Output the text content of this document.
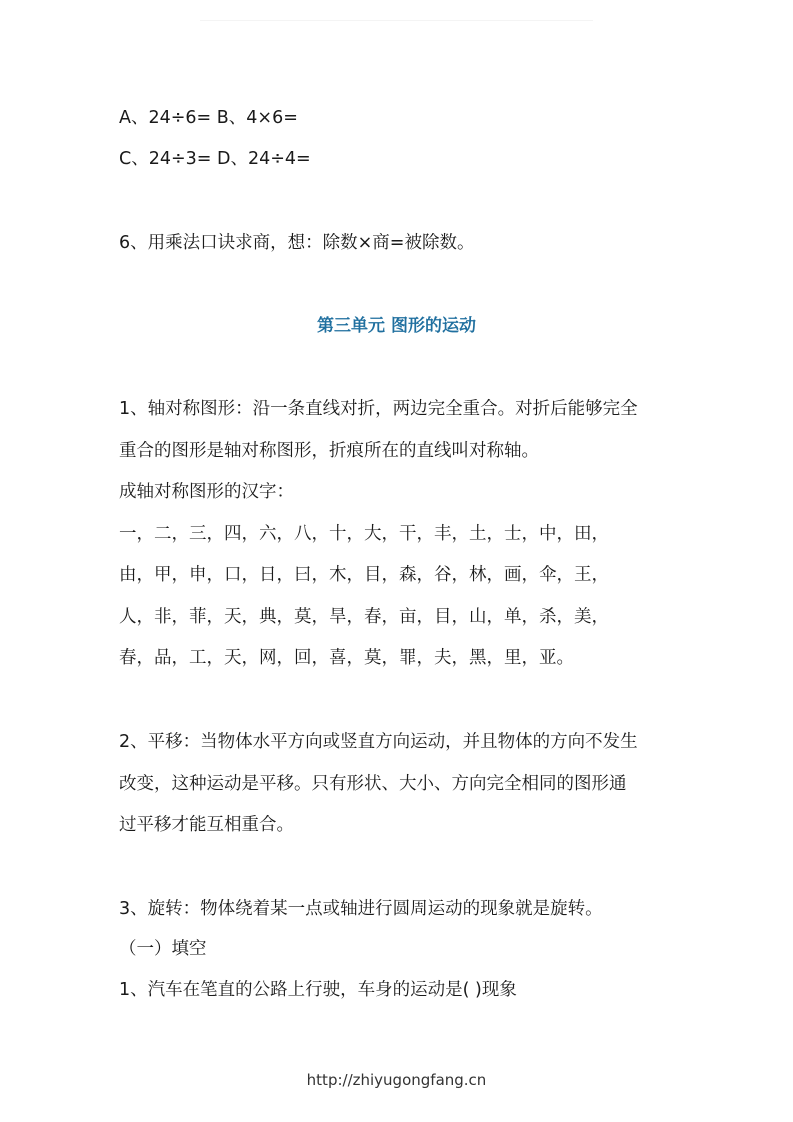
A、24÷6= B、4×6=
C、24÷3= D、24÷4=
6、用乘法口诀求商，想：除数×商=被除数。
第三单元 图形的运动
1、轴对称图形：沿一条直线对折，两边完全重合。对折后能够完全
重合的图形是轴对称图形，折痕所在的直线叫对称轴。
成轴对称图形的汉字：
一，二，三，四，六，八，十，大，干，丰，土，士，中，田，
由，甲，申，口，日，曰，木，目，森，谷，林，画，伞，王，
人，非，菲，天，典，莫，旱，春，亩，目，山，单，杀，美，
春，品，工，天，网，回，喜，莫，罪，夫，黑，里，亚。
2、平移：当物体水平方向或竖直方向运动，并且物体的方向不发生
改变，这种运动是平移。只有形状、大小、方向完全相同的图形通
过平移才能互相重合。
3、旋转：物体绕着某一点或轴进行圆周运动的现象就是旋转。
（一）填空
1、汽车在笔直的公路上行驶，车身的运动是( )现象
http://zhiyugongfang.cn
